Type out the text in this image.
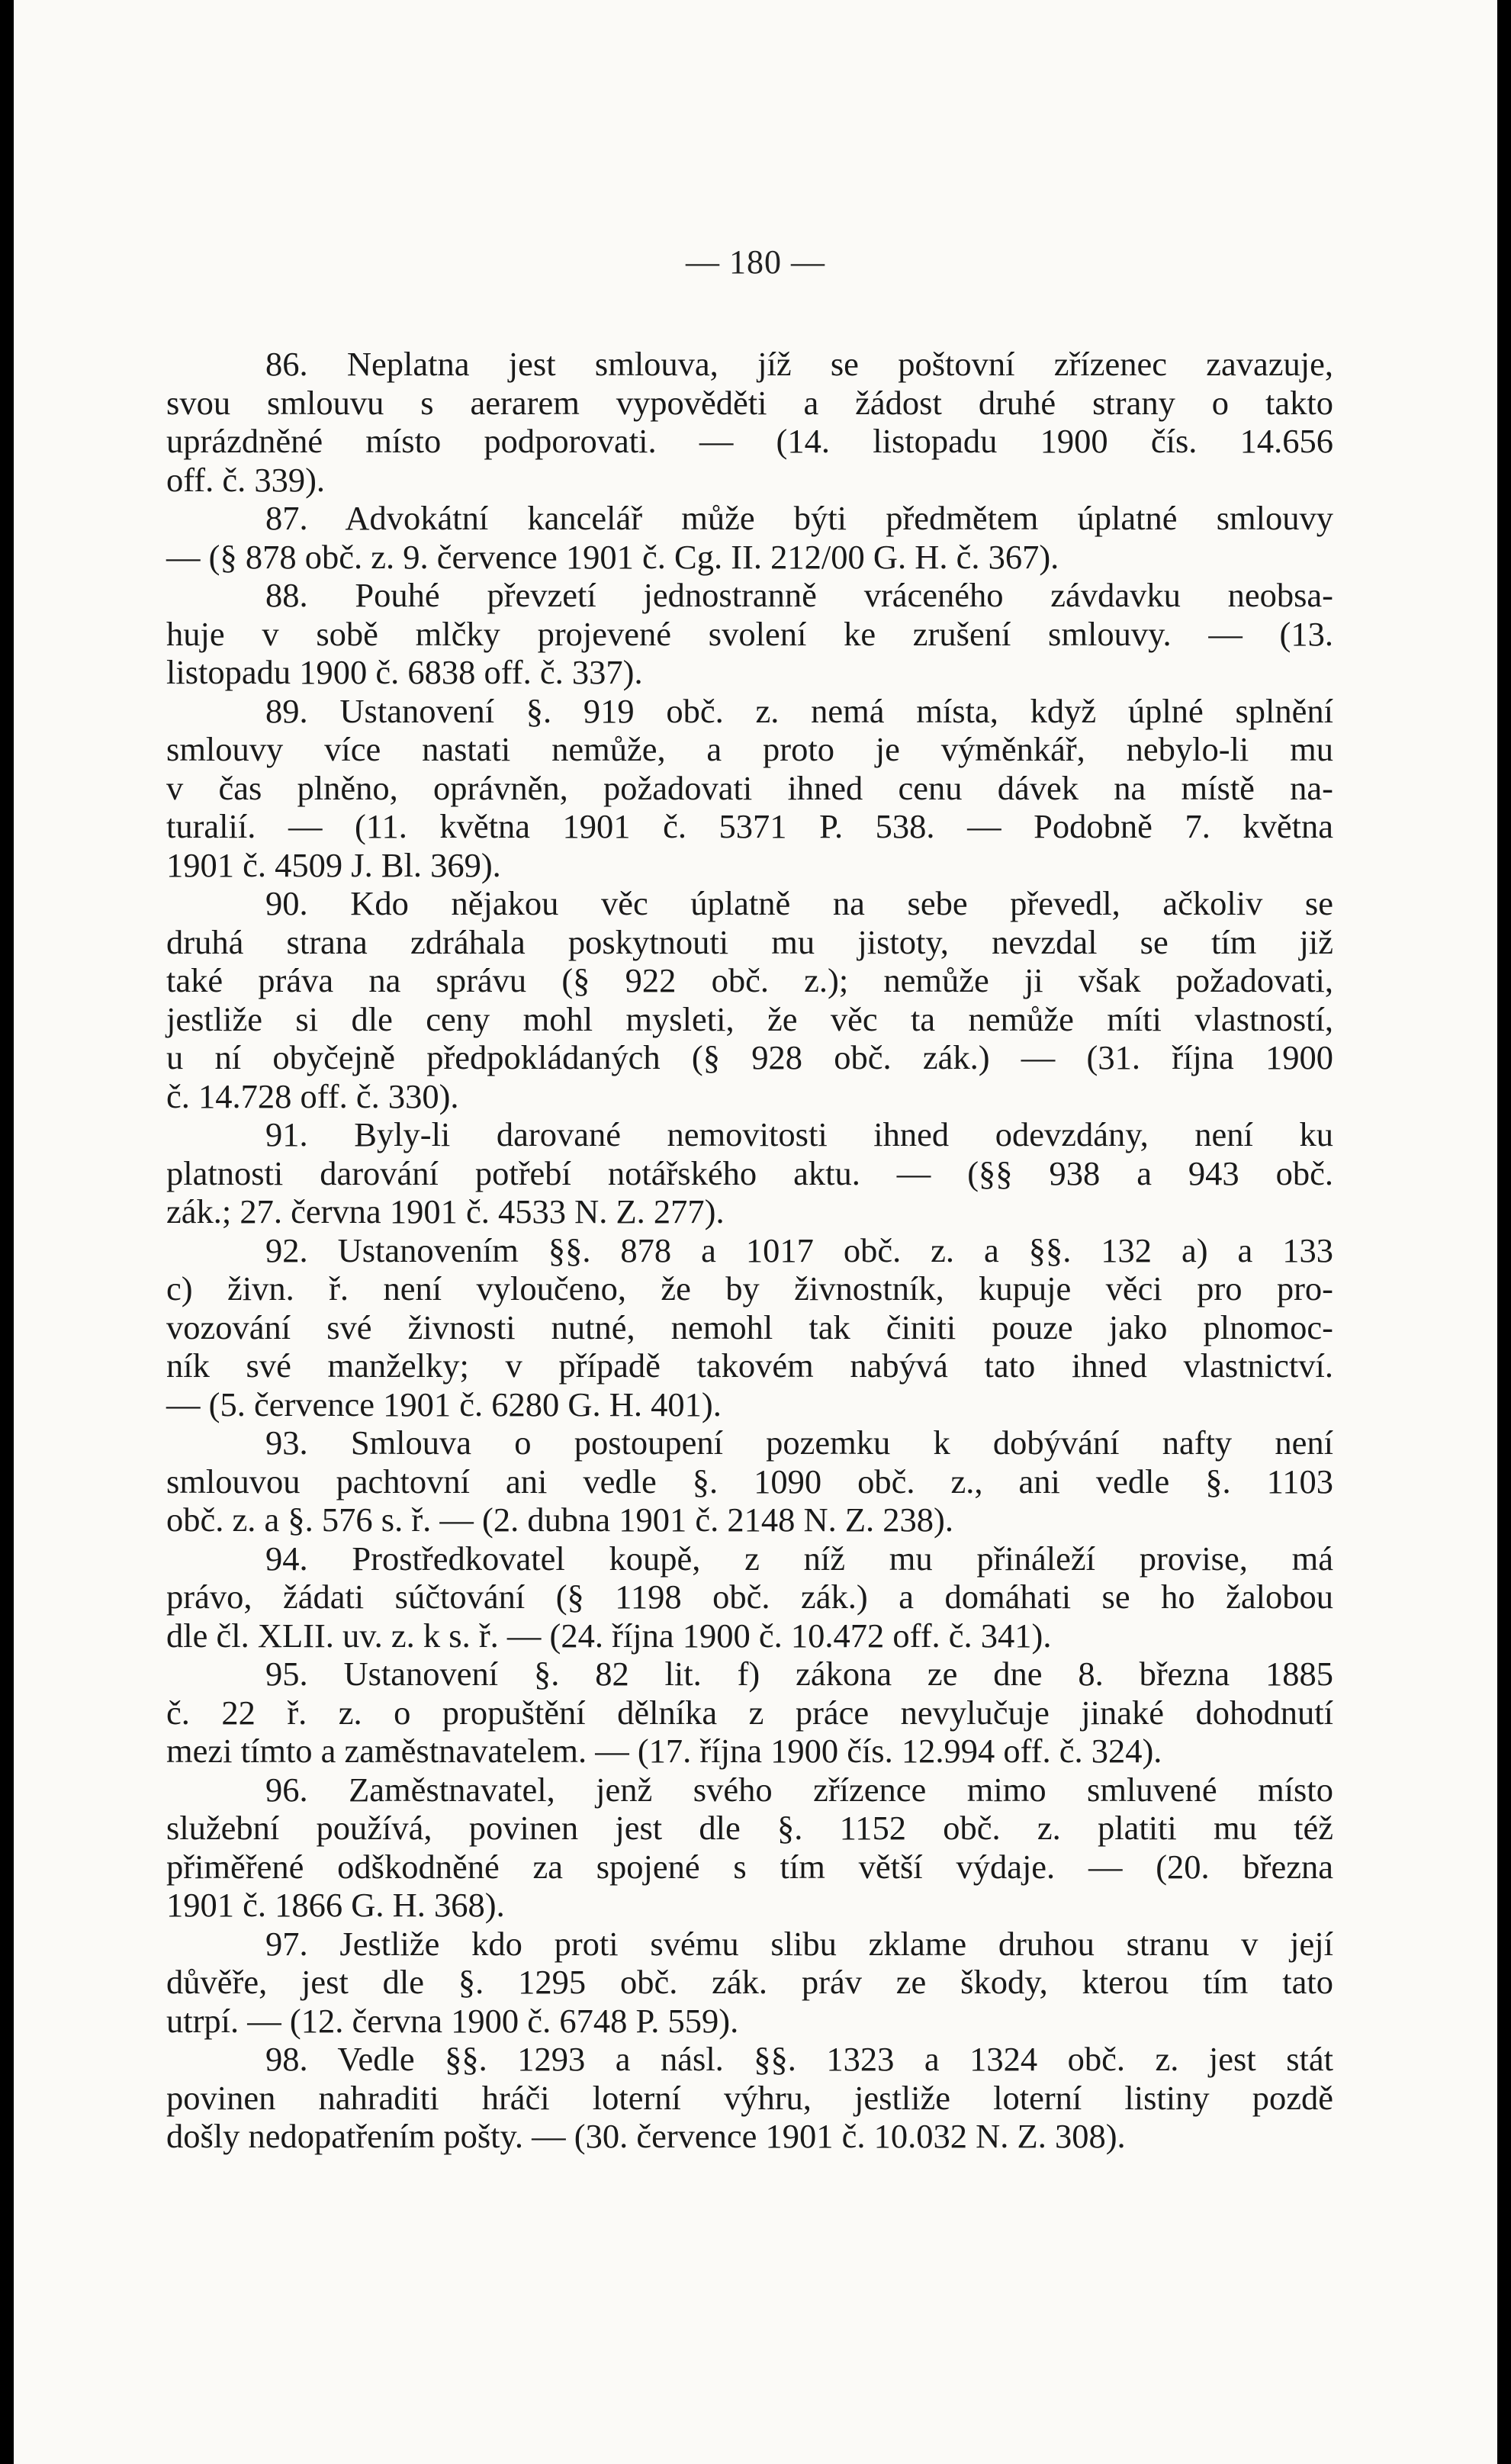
— 180 —

86. Neplatna jest smlouva, jíž se poštovní zřízenec zavazuje,
svou smlouvu s aerarem vypověděti a žádost druhé strany o takto
uprázdněné místo podporovati. — (14. listopadu 1900 čís. 14.656
off. č. 339).

87. Advokátní kancelář může býti předmětem úplatné smlouvy
— (§ 878 obč. z. 9. července 1901 č. Cg. II. 212/00 G. H. č. 367).

88. Pouhé převzetí jednostranně vráceného závdavku neobsa-
huje v sobě mlčky projevené svolení ke zrušení smlouvy. — (13.
listopadu 1900 č. 6838 off. č. 337).

89. Ustanovení §. 919 obč. z. nemá místa, když úplné splnění
smlouvy více nastati nemůže, a proto je výměnkář, nebylo-li mu
v čas plněno, oprávněn, požadovati ihned cenu dávek na místě na-
turalií. — (11. května 1901 č. 5371 P. 538. — Podobně 7. května
1901 č. 4509 J. Bl. 369).

90. Kdo nějakou věc úplatně na sebe převedl, ačkoliv se
druhá strana zdráhala poskytnouti mu jistoty, nevzdal se tím již
také práva na správu (§ 922 obč. z.); nemůže ji však požadovati,
jestliže si dle ceny mohl mysleti, že věc ta nemůže míti vlastností,
u ní obyčejně předpokládaných (§ 928 obč. zák.) — (31. října 1900
č. 14.728 off. č. 330).

91. Byly-li darované nemovitosti ihned odevzdány, není ku
platnosti darování potřebí notářského aktu. — (§§ 938 a 943 obč.
zák.; 27. června 1901 č. 4533 N. Z. 277).

92. Ustanovením §§. 878 a 1017 obč. z. a §§. 132 a) a 133
c) živn. ř. není vyloučeno, že by živnostník, kupuje věci pro pro-
vozování své živnosti nutné, nemohl tak činiti pouze jako plnomoc-
ník své manželky; v případě takovém nabývá tato ihned vlastnictví.
— (5. července 1901 č. 6280 G. H. 401).

93. Smlouva o postoupení pozemku k dobývání nafty není
smlouvou pachtovní ani vedle §. 1090 obč. z., ani vedle §. 1103
obč. z. a §. 576 s. ř. — (2. dubna 1901 č. 2148 N. Z. 238).

94. Prostředkovatel koupě, z níž mu přináleží provise, má
právo, žádati súčtování (§ 1198 obč. zák.) a domáhati se ho žalobou
dle čl. XLII. uv. z. k s. ř. — (24. října 1900 č. 10.472 off. č. 341).

95. Ustanovení §. 82 lit. f) zákona ze dne 8. března 1885
č. 22 ř. z. o propuštění dělníka z práce nevylučuje jinaké dohodnutí
mezi tímto a zaměstnavatelem. — (17. října 1900 čís. 12.994 off. č. 324).

96. Zaměstnavatel, jenž svého zřízence mimo smluvené místo
služební používá, povinen jest dle §. 1152 obč. z. platiti mu též
přiměřené odškodněné za spojené s tím větší výdaje. — (20. března
1901 č. 1866 G. H. 368).

97. Jestliže kdo proti svému slibu zklame druhou stranu v její
důvěře, jest dle §. 1295 obč. zák. práv ze škody, kterou tím tato
utrpí. — (12. června 1900 č. 6748 P. 559).

98. Vedle §§. 1293 a násl. §§. 1323 a 1324 obč. z. jest stát
povinen nahraditi hráči loterní výhru, jestliže loterní listiny pozdě
došly nedopatřením pošty. — (30. července 1901 č. 10.032 N. Z. 308).
